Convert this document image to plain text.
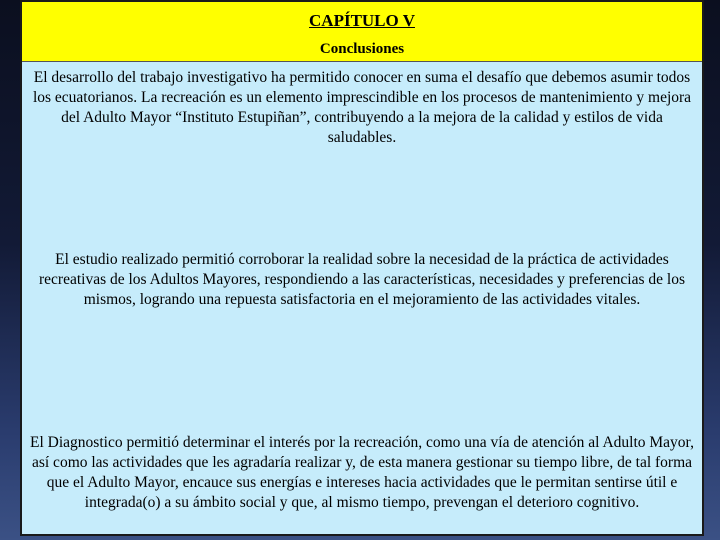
CAPÍTULO V
Conclusiones

El desarrollo del trabajo investigativo ha permitido conocer en suma el desafío que debemos asumir todos los ecuatorianos. La recreación es un elemento imprescindible en los procesos de mantenimiento y mejora del Adulto Mayor “Instituto Estupiñan”, contribuyendo a la mejora de la calidad y estilos de vida saludables.

El estudio realizado permitió corroborar la realidad sobre la necesidad de la práctica de actividades recreativas de los Adultos Mayores, respondiendo a las características, necesidades y preferencias de los mismos, logrando una repuesta satisfactoria en el mejoramiento de las actividades vitales.

El Diagnostico permitió determinar el interés por la recreación, como una vía de atención al Adulto Mayor, así como las actividades que les agradaría realizar y, de esta manera gestionar su tiempo libre, de tal forma que el Adulto Mayor, encauce sus energías e intereses hacia actividades que le permitan sentirse útil e integrada(o) a su ámbito social y que, al mismo tiempo, prevengan el deterioro cognitivo.
